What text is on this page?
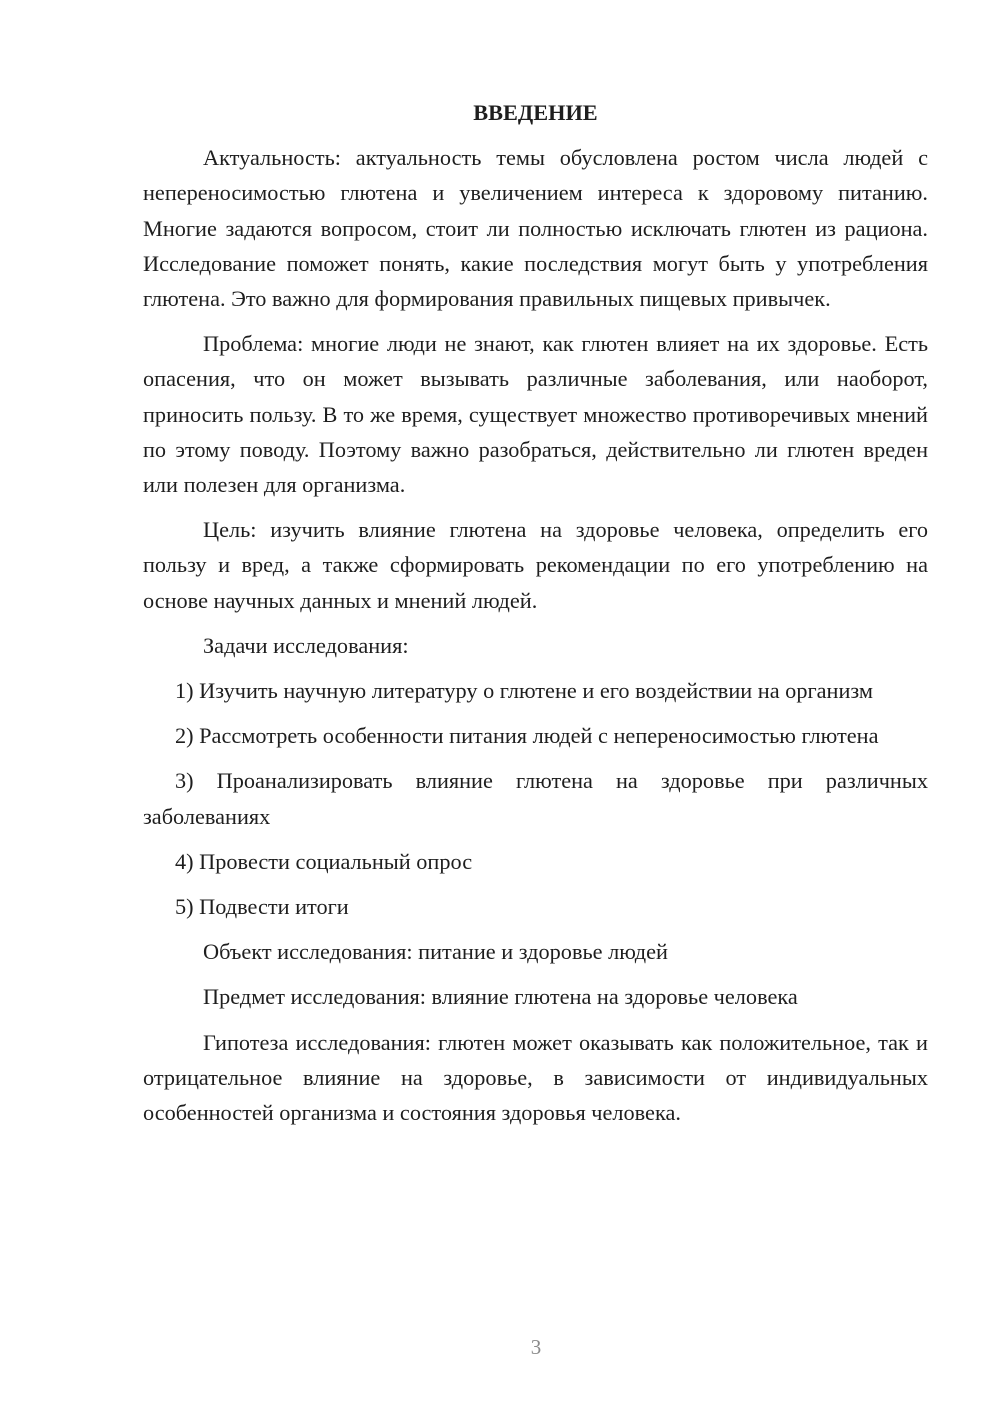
ВВЕДЕНИЕ
Актуальность: актуальность темы обусловлена ростом числа людей с непереносимостью глютена и увеличением интереса к здоровому питанию. Многие задаются вопросом, стоит ли полностью исключать глютен из рациона. Исследование поможет понять, какие последствия могут быть у употребления глютена. Это важно для формирования правильных пищевых привычек.
Проблема: многие люди не знают, как глютен влияет на их здоровье. Есть опасения, что он может вызывать различные заболевания, или наоборот, приносить пользу. В то же время, существует множество противоречивых мнений по этому поводу. Поэтому важно разобраться, действительно ли глютен вреден или полезен для организма.
Цель: изучить влияние глютена на здоровье человека, определить его пользу и вред, а также сформировать рекомендации по его употреблению на основе научных данных и мнений людей.
Задачи исследования:
1) Изучить научную литературу о глютене и его воздействии на организм
2) Рассмотреть особенности питания людей с непереносимостью глютена
3) Проанализировать влияние глютена на здоровье при различных заболеваниях
4) Провести социальный опрос
5) Подвести итоги
Объект исследования: питание и здоровье людей
Предмет исследования: влияние глютена на здоровье человека
Гипотеза исследования: глютен может оказывать как положительное, так и отрицательное влияние на здоровье, в зависимости от индивидуальных особенностей организма и состояния здоровья человека.
3
